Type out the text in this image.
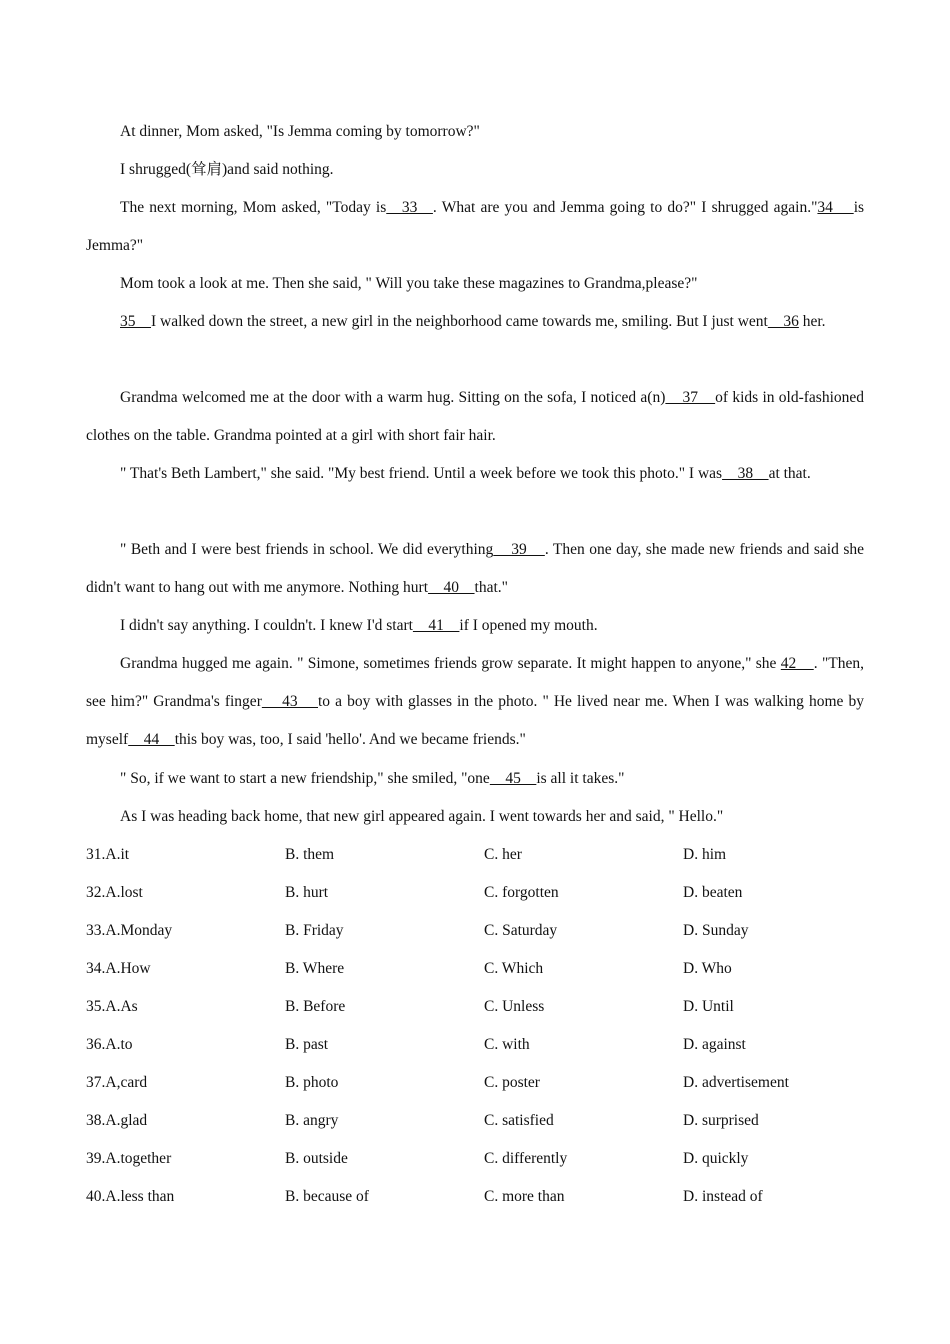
At dinner, Mom asked, "Is Jemma coming by tomorrow?"

I shrugged(耸肩)and said nothing.

The next morning, Mom asked, "Today is   33   . What are you and Jemma going to do?" I shrugged again."34    is Jemma?"

Mom took a look at me. Then she said, " Will you take these magazines to Grandma,please?"

35    I walked down the street, a new girl in the neighborhood came towards me, smiling. But I just went    36 her.

Grandma welcomed me at the door with a warm hug. Sitting on the sofa, I noticed a(n)    37    of kids in old-fashioned clothes on the table. Grandma pointed at a girl with short fair hair.

" That's Beth Lambert," she said. "My best friend. Until a week before we took this photo." I was    38    at that.

" Beth and I were best friends in school. We did everything    39    . Then one day, she made new friends and said she didn't want to hang out with me anymore. Nothing hurt    40    that."

I didn't say anything. I couldn't. I knew I'd start    41    if I opened my mouth.

Grandma hugged me again. " Simone, sometimes friends grow separate. It might happen to anyone," she 42    . "Then, see him?" Grandma's finger    43    to a boy with glasses in the photo. " He lived near me. When I was walking home by myself    44    this boy was, too, I said 'hello'. And we became friends."

" So, if we want to start a new friendship," she smiled, "one    45    is all it takes."

As I was heading back home, that new girl appeared again. I went towards her and said, " Hello."

31.A.it	B. them	C. her	D. him
32.A.lost	B. hurt	C. forgotten	D. beaten
33.A.Monday	B. Friday	C. Saturday	D. Sunday
34.A.How	B. Where	C. Which	D. Who
35.A.As	B. Before	C. Unless	D. Until
36.A.to	B. past	C. with	D. against
37.A,card	B. photo	C. poster	D. advertisement
38.A.glad	B. angry	C. satisfied	D. surprised
39.A.together	B. outside	C. differently	D. quickly
40.A.less than	B. because of	C. more than	D. instead of
